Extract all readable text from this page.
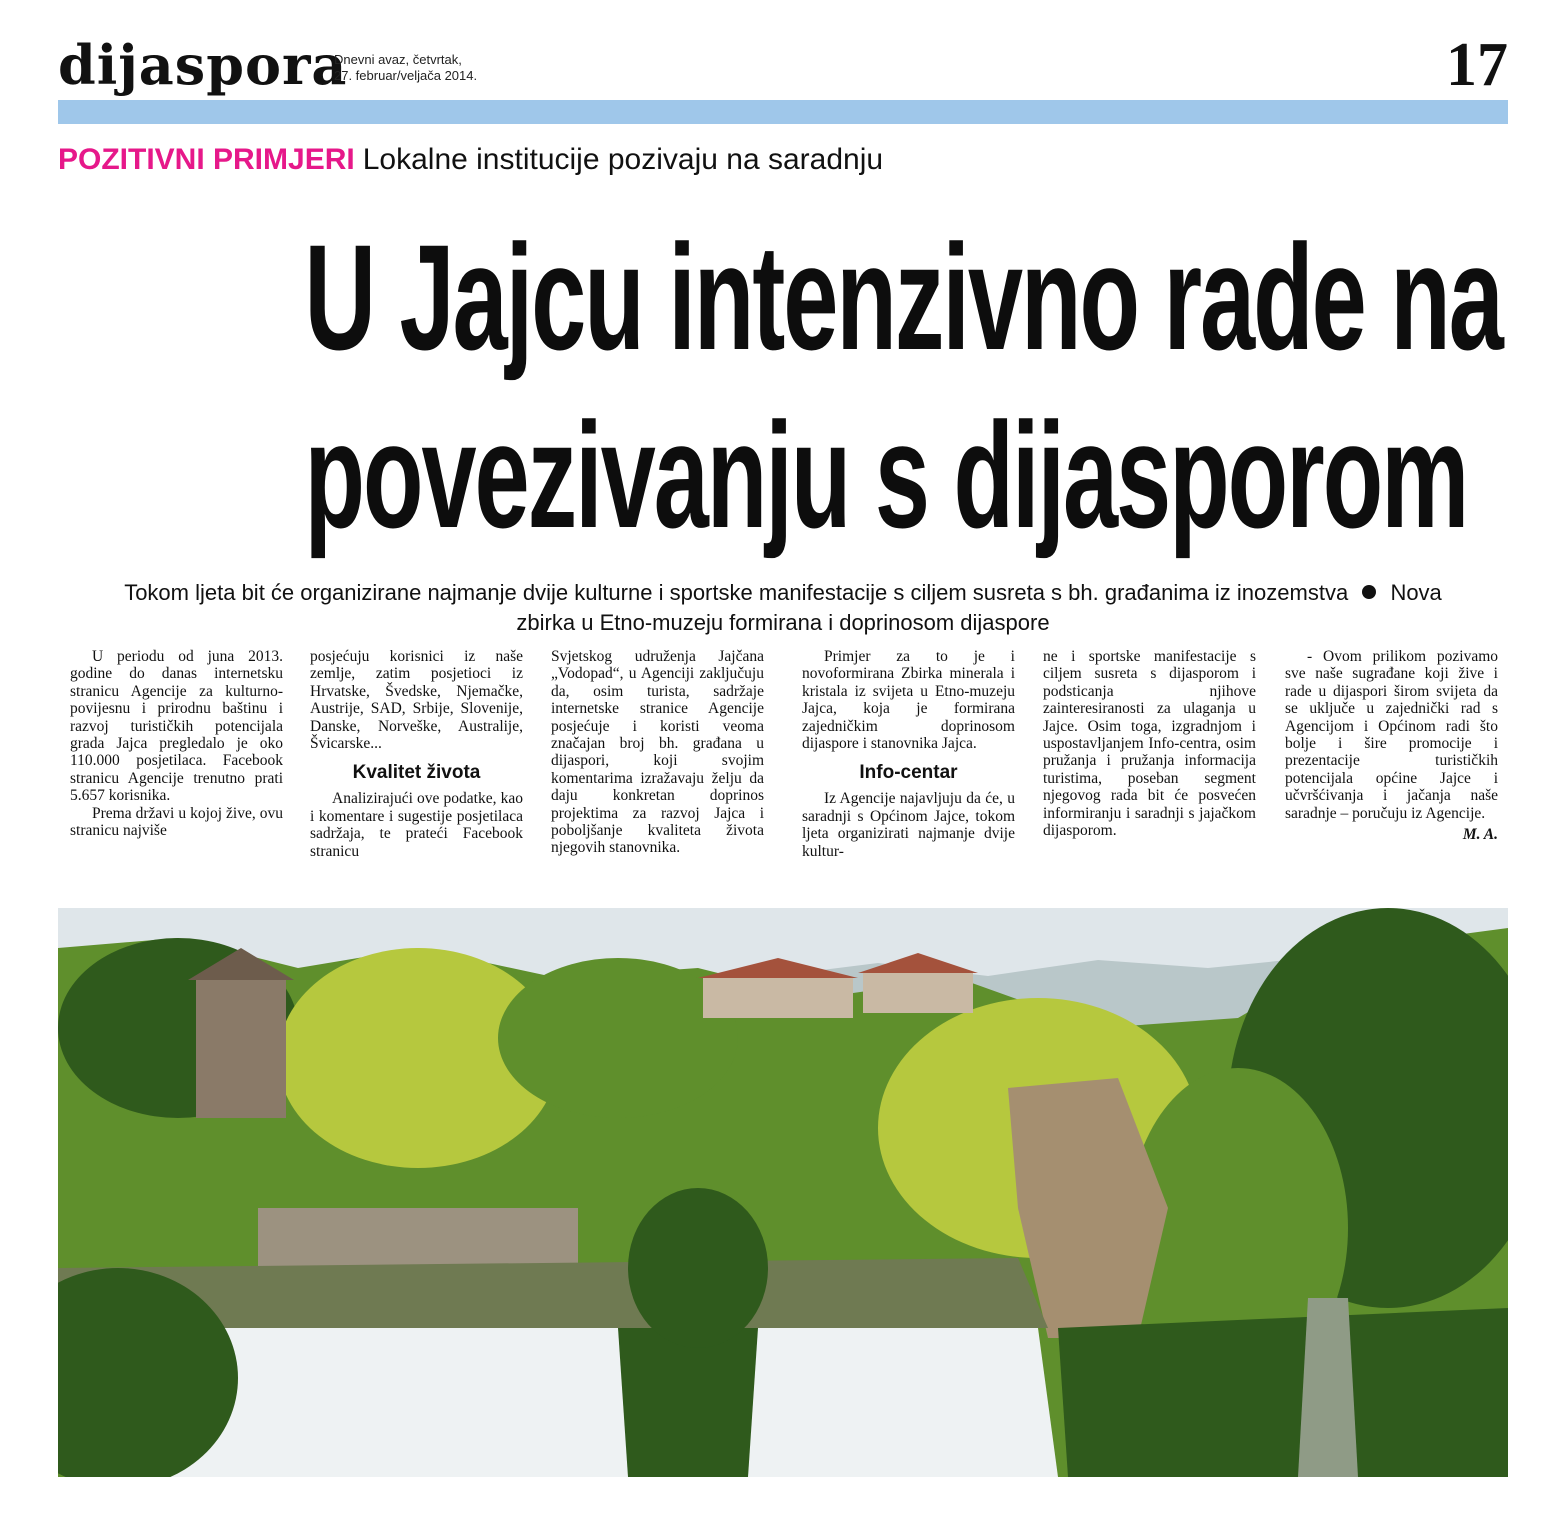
dijaspora
Dnevni avaz, četvrtak,
27. februar/veljača 2014.	17
POZITIVNI PRIMJERI Lokalne institucije pozivaju na saradnju
U Jajcu intenzivno rade na
povezivanju s dijasporom
Tokom ljeta bit će organizirane najmanje dvije kulturne i sportske manifestacije s ciljem susreta s bh. građanima iz inozemstva Nova zbirka u Etno-muzeju formirana i doprinosom dijaspore

U periodu od juna 2013. godine do danas internetsku stranicu Agencije za kulturno-povijesnu i prirodnu baštinu i razvoj turističkih potencijala grada Jajca pregledalo je oko 110.000 posjetilaca. Facebook stranicu Agencije trenutno prati 5.657 korisnika.

Prema državi u kojoj žive, ovu stranicu najviše

posjećuju korisnici iz naše zemlje, zatim posjetioci iz Hrvatske, Švedske, Njemačke, Austrije, SAD, Srbije, Slovenije, Danske, Norveške, Australije, Švicarske...

Kvalitet života

Analizirajući ove podatke, kao i komentare i sugestije posjetilaca sadržaja, te prateći Facebook stranicu

Svjetskog udruženja Jajčana „Vodopad“, u Agenciji zaključuju da, osim turista, sadržaje internetske stranice Agencije posjećuje i koristi veoma značajan broj bh. građana u dijaspori, koji svojim komentarima izražavaju želju da daju konkretan doprinos projektima za razvoj Jajca i poboljšanje kvaliteta života njegovih stanovnika.

Primjer za to je i novoformirana Zbirka minerala i kristala iz svijeta u Etno-muzeju Jajca, koja je formirana zajedničkim doprinosom dijaspore i stanovnika Jajca.

Info-centar

Iz Agencije najavljuju da će, u saradnji s Općinom Jajce, tokom ljeta organizirati najmanje dvije kultur-

ne i sportske manifestacije s ciljem susreta s dijasporom i podsticanja njihove zainteresiranosti za ulaganja u Jajce. Osim toga, izgradnjom i uspostavljanjem Info-centra, osim pružanja i pružanja informacija turistima, poseban segment njegovog rada bit će posvećen informiranju i saradnji s jajačkom dijasporom.

- Ovom prilikom pozivamo sve naše sugrađane koji žive i rade u dijaspori širom svijeta da se uključe u zajednički rad s Agencijom i Općinom radi što bolje i šire promocije i prezentacije turističkih potencijala općine Jajce i učvršćivanja i jačanja naše saradnje – poručuju iz Agencije.

M. A.
